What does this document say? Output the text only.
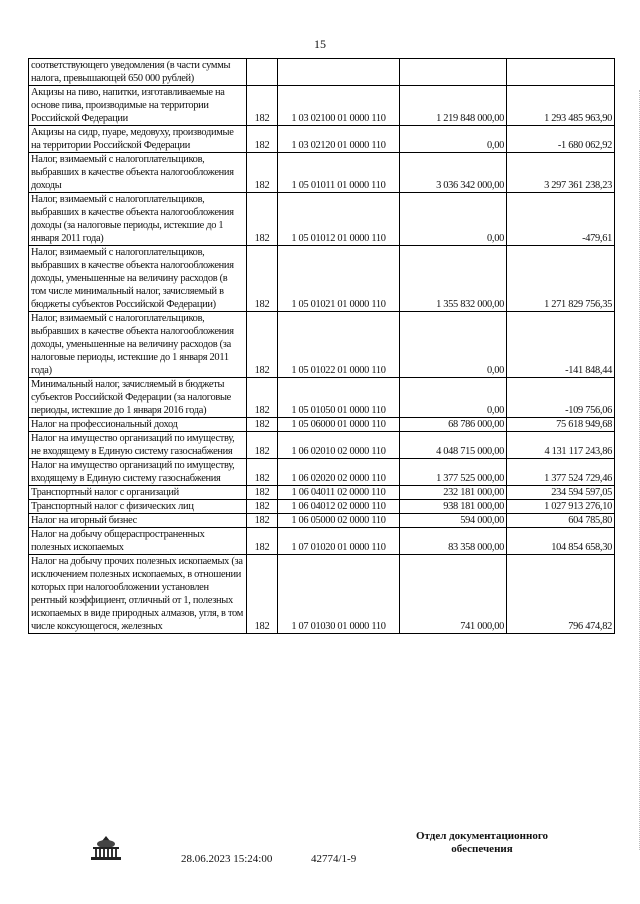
15
соответствующего уведомления (в части суммы налога, превышающей 650 000 рублей)				
Акцизы на пиво, напитки, изготавливаемые на основе пива, производимые на территории Российской Федерации	182	1 03 02100 01 0000 110	1 219 848 000,00	1 293 485 963,90
Акцизы на сидр, пуаре, медовуху, производимые на территории Российской Федерации	182	1 03 02120 01 0000 110	0,00	-1 680 062,92
Налог, взимаемый с налогоплательщиков, выбравших в качестве объекта налогообложения доходы	182	1 05 01011 01 0000 110	3 036 342 000,00	3 297 361 238,23
Налог, взимаемый с налогоплательщиков, выбравших в качестве объекта налогообложения доходы (за налоговые периоды, истекшие до 1 января 2011 года)	182	1 05 01012 01 0000 110	0,00	-479,61
Налог, взимаемый с налогоплательщиков, выбравших в качестве объекта налогообложения доходы, уменьшенные на величину расходов (в том числе минимальный налог, зачисляемый в бюджеты субъектов Российской Федерации)	182	1 05 01021 01 0000 110	1 355 832 000,00	1 271 829 756,35
Налог, взимаемый с налогоплательщиков, выбравших в качестве объекта налогообложения доходы, уменьшенные на величину расходов (за налоговые периоды, истекшие до 1 января 2011 года)	182	1 05 01022 01 0000 110	0,00	-141 848,44
Минимальный налог, зачисляемый в бюджеты субъектов Российской Федерации (за налоговые периоды, истекшие до 1 января 2016 года)	182	1 05 01050 01 0000 110	0,00	-109 756,06
Налог на профессиональный доход	182	1 05 06000 01 0000 110	68 786 000,00	75 618 949,68
Налог на имущество организаций по имуществу, не входящему в Единую систему газоснабжения	182	1 06 02010 02 0000 110	4 048 715 000,00	4 131 117 243,86
Налог на имущество организаций по имуществу, входящему в Единую систему газоснабжения	182	1 06 02020 02 0000 110	1 377 525 000,00	1 377 524 729,46
Транспортный налог с организаций	182	1 06 04011 02 0000 110	232 181 000,00	234 594 597,05
Транспортный налог с физических лиц	182	1 06 04012 02 0000 110	938 181 000,00	1 027 913 276,10
Налог на игорный бизнес	182	1 06 05000 02 0000 110	594 000,00	604 785,80
Налог на добычу общераспространенных полезных ископаемых	182	1 07 01020 01 0000 110	83 358 000,00	104 854 658,30
Налог на добычу прочих полезных ископаемых (за исключением полезных ископаемых, в отношении которых при налогообложении установлен рентный коэффициент, отличный от 1, полезных ископаемых в виде природных алмазов, угля, в том числе коксующегося, железных	182	1 07 01030 01 0000 110	741 000,00	796 474,82
28.06.2023 15:24:00	42774/1-9
Отдел документационного
обеспечения
